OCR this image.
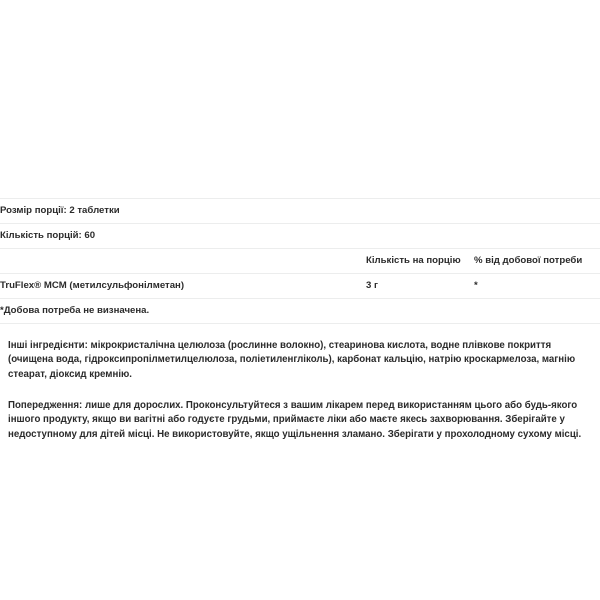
Розмір порції: 2 таблетки		
Кількість порцій: 60		
	Кількість на порцію	% від добової потреби
TruFlex® MCM (метилсульфонілметан)	3 г	*
*Добова потреба не визначена.		

Інші інгредієнти: мікрокристалічна целюлоза (рослинне волокно), стеаринова кислота, водне плівкове покриття (очищена вода, гідроксипропілметилцелюлоза, поліетиленгліколь), карбонат кальцію, натрію кроскармелоза, магнію стеарат, діоксид кремнію.

Попередження: лише для дорослих. Проконсультуйтеся з вашим лікарем перед використанням цього або будь-якого іншого продукту, якщо ви вагітні або годуєте грудьми, приймаєте ліки або маєте якесь захворювання. Зберігайте у недоступному для дітей місці. Не використовуйте, якщо ущільнення зламано. Зберігати у прохолодному сухому місці.
